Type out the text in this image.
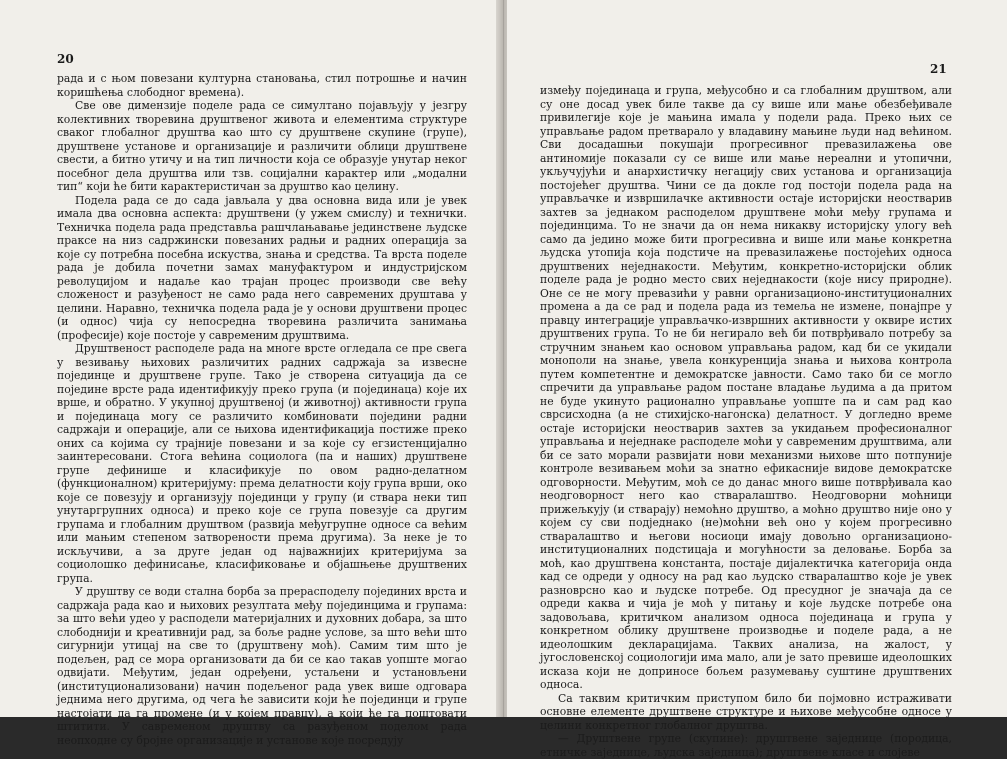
20

рада и с њом повезани културна становања, стил потрошње и начин коришћења слободног времена).

Све ове димензије поделе рада се симултано појављују у језгру колективних творевина друштвеног живота и елементима структуре сваког глобалног друштва као што су друштвене скупине (групе), друштвене установе и организације и различити облици друштвене свести, а битно утичу и на тип личности која се образује унутар неког посебног дела друштва или тзв. социјални карактер или „модални тип“ који ће бити карактеристичан за друштво као целину.

Подела рада се до сада јављала у два основна вида или је увек имала два основна аспекта: друштвени (у ужем смислу) и технички. Техничка подела рада представља рашчлањавање јединствене људске праксе на низ садржински повезаних радњи и радних операција за које су потребна посебна искуства, знања и средства. Та врста поделе рада је добила почетни замах мануфактуром и индустријском револуцијом и надаље као трајан процес производи све већу сложеност и разуђеност не само рада него савремених друштава у целини. Наравно, техничка подела рада је у основи друштвени процес (и однос) чија су непосредна творевина различита занимања (професије) које постоје у савременим друштвима.

Друштвеност расподеле рада на многе врсте огледала се пре свега у везивању њихових различитих радних садржаја за извесне појединце и друштвене групе. Тако је створена ситуација да се поједине врсте рада идентификују преко група (и појединаца) које их врше, и обратно. У укупној друштвеној (и животној) активности група и појединаца могу се различито комбиновати поједини радни садржаји и операције, али се њихова идентификација постиже преко оних са којима су трајније повезани и за које су егзистенцијално заинтересовани. Стога већина социолога (па и наших) друштвене групе дефинише и класификује по овом радно-делатном (функционалном) критеријуму: према делатности коју група врши, око које се повезују и организују појединци у групу (и ствара неки тип унутаргрупних односа) и преко које се група повезује са другим групама и глобалним друштвом (развија међугрупне односе са већим или мањим степеном затворености према другима). За неке је то искључиви, а за друге један од најважнијих критеријума за социолошко дефинисање, класификовање и објашњење друштвених група.

У друштву се води стална борба за прерасподелу појединих врста и садржаја рада као и њихових резултата међу појединцима и групама: за што већи удео у расподели материјалних и духовних добара, за што слободнији и креативнији рад, за боље радне услове, за што већи што сигурнији утицај на све то (друштвену моћ). Самим тим што је подељен, рад се мора организовати да би се као такав уопште могао одвијати. Међутим, један одређени, устаљени и установљени (институционализовани) начин подељеног рада увек више одговара једнима него другима, од чега ће зависити који ће појединци и групе настојати да га промене (и у којем правцу), а који ће га поштовати штитити. У савременом друштву са разуђеном поделом рада неопходне су бројне организације и установе које посредују

21

између појединаца и група, међусобно и са глобалним друштвом, али су оне досад увек биле такве да су више или мање обезбеђивале привилегије које је мањина имала у подели рада. Преко њих се управљање радом претварало у владавину мањине људи над већином. Сви досадашњи покушаји прогресивног превазилажења ове антиномије показали су се више или мање нереални и утопични, укључујући и анархистичку негацију свих установа и организација постојећег друштва. Чини се да докле год постоји подела рада на управљачке и извршилачке активности остаје историјски неостварив захтев за једнаком расподелом друштвене моћи међу групама и појединцима. То не значи да он нема никакву историјску улогу већ само да једино може бити прогресивна и више или мање конкретна људска утопија која подстиче на превазилажење постојећих односа друштвених неједнакости. Међутим, конкретно-историјски облик поделе рада је родно место свих неједнакости (које нису природне). Оне се не могу превазићи у равни организационо-институционалних промена а да се рад и подела рада из темеља не измене, понајпре у правцу интеграције управљачко-извршних активности у оквире истих друштвених група. То не би негирало већ би потврђивало потребу за стручним знањем као основом управљања радом, кад би се укидали монополи на знање, увела конкуренција знања и њихова контрола путем компетентне и демократске јавности. Само тако би се могло спречити да управљање радом постане владање људима а да притом не буде укинуто рационално управљање уопште па и сам рад као сврсисходна (а не стихијско-нагонска) делатност. У догледно време остаје историјски неостварив захтев за укидањем професионалног управљања и неједнаке расподеле моћи у савременим друштвима, али би се зато морали развијати нови механизми њихове што потпуније контроле везивањем моћи за знатно ефикасније видове демократске одговорности. Међутим, моћ се до данас много више потврђивала као неодговорност него као стваралаштво. Неодговорни моћници прижељкују (и стварају) немоћно друштво, а моћно друштво није оно у којем су сви подједнако (не)моћни већ оно у којем прогресивно стваралаштво и његови носиоци имају довољно организационо-институционалних подстицаја и могућности за деловање. Борба за моћ, као друштвена константа, постаје дијалектичка категорија онда кад се одреди у односу на рад као људско стваралаштво које је увек разноврсно као и људске потребе. Од пресудног је значаја да се одреди каква и чија је моћ у питању и које људске потребе она задовољава, критичком анализом односа појединаца и група у конкретном облику друштвене производње и поделе рада, а не идеолошким декларацијама. Таквих анализа, на жалост, у југословенској социологији има мало, али је зато превише идеолошких исказа који не доприносе бољем разумевању суштине друштвених односа.

Са таквим критичким приступом било би појмовно истраживати основне елементе друштвене структуре и њихове међусобне односе у целини конкретног глобалног друштва.

— Друштвене групе (скупине): друштвене заједнице (породица, етничке заједнице, људска заједница); друштвене класе и слојеве
